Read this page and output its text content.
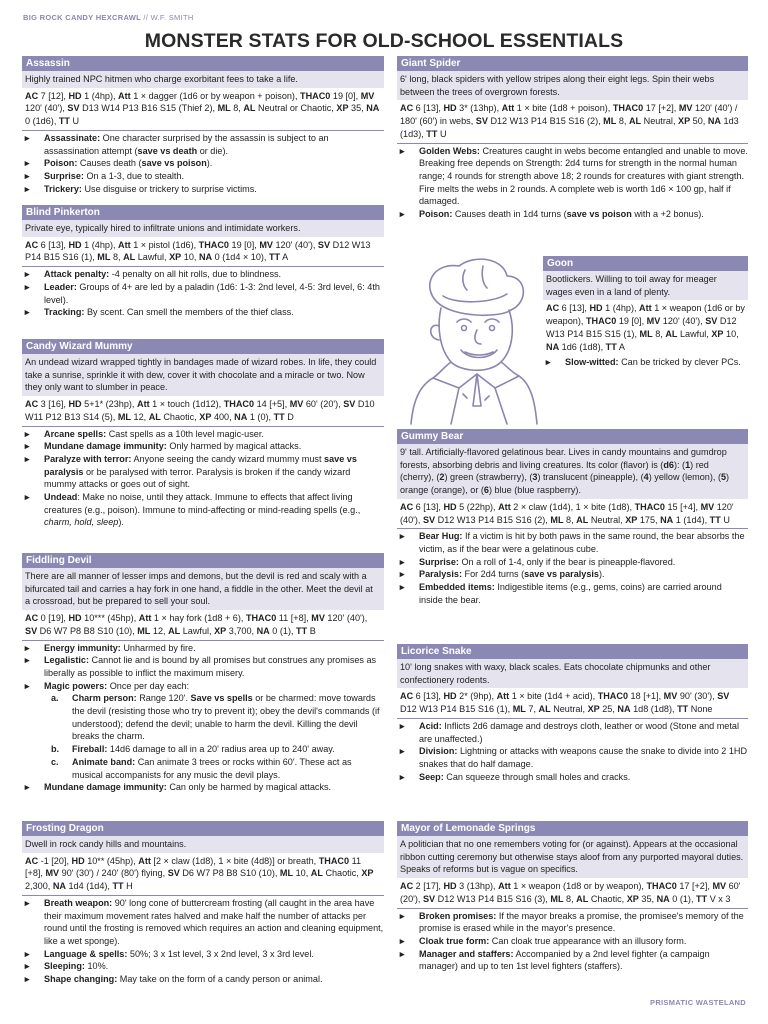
BIG ROCK CANDY HEXCRAWL // W.F. SMITH
MONSTER STATS FOR OLD-SCHOOL ESSENTIALS
Assassin
Highly trained NPC hitmen who charge exorbitant fees to take a life.
AC 7 [12], HD 1 (4hp), Att 1 × dagger (1d6 or by weapon + poison), THAC0 19 [0], MV 120' (40'), SV D13 W14 P13 B16 S15 (Thief 2), ML 8, AL Neutral or Chaotic, XP 35, NA 0 (1d6), TT U
► Assassinate: One character surprised by the assassin is subject to an assassination attempt (save vs death or die).
► Poison: Causes death (save vs poison).
► Surprise: On a 1-3, due to stealth.
► Trickery: Use disguise or trickery to surprise victims.
Blind Pinkerton
Private eye, typically hired to infiltrate unions and intimidate workers.
AC 6 [13], HD 1 (4hp), Att 1 × pistol (1d6), THAC0 19 [0], MV 120' (40'), SV D12 W13 P14 B15 S16 (1), ML 8, AL Lawful, XP 10, NA 0 (1d4 × 10), TT A
► Attack penalty: -4 penalty on all hit rolls, due to blindness.
► Leader: Groups of 4+ are led by a paladin (1d6: 1-3: 2nd level, 4-5: 3rd level, 6: 4th level).
► Tracking: By scent. Can smell the members of the thief class.
Candy Wizard Mummy
An undead wizard wrapped tightly in bandages made of wizard robes. In life, they could take a sunrise, sprinkle it with dew, cover it with chocolate and a miracle or two. Now they only want to slumber in peace.
AC 3 [16], HD 5+1* (23hp), Att 1 × touch (1d12), THAC0 14 [+5], MV 60' (20'), SV D10 W11 P12 B13 S14 (5), ML 12, AL Chaotic, XP 400, NA 1 (0), TT D
► Arcane spells: Cast spells as a 10th level magic-user.
► Mundane damage immunity: Only harmed by magical attacks.
► Paralyze with terror: Anyone seeing the candy wizard mummy must save vs paralysis or be paralysed with terror. Paralysis is broken if the candy wizard mummy attacks or goes out of sight.
► Undead: Make no noise, until they attack. Immune to effects that affect living creatures (e.g., poison). Immune to mind-affecting or mind-reading spells (e.g., charm, hold, sleep).
Fiddling Devil
There are all manner of lesser imps and demons, but the devil is red and scaly with a bifurcated tail and carries a hay fork in one hand, a fiddle in the other. Meet the devil at a crossroad, but be prepared to sell your soul.
AC 0 [19], HD 10*** (45hp), Att 1 × hay fork (1d8 + 6), THAC0 11 [+8], MV 120' (40'), SV D6 W7 P8 B8 S10 (10), ML 12, AL Lawful, XP 3,700, NA 0 (1), TT B
► Energy immunity: Unharmed by fire.
► Legalistic: Cannot lie and is bound by all promises but construes any promises as liberally as possible to inflict the maximum misery.
► Magic powers: Once per day each:
a. Charm person: Range 120'. Save vs spells or be charmed: move towards the devil (resisting those who try to prevent it); obey the devil's commands (if understood); defend the devil; unable to harm the devil. Killing the devil breaks the charm.
b. Fireball: 14d6 damage to all in a 20' radius area up to 240' away.
c. Animate band: Can animate 3 trees or rocks within 60'. These act as musical accompanists for any music the devil plays.
► Mundane damage immunity: Can only be harmed by magical attacks.
Frosting Dragon
Dwell in rock candy hills and mountains.
AC -1 [20], HD 10** (45hp), Att [2 × claw (1d8), 1 × bite (4d8)] or breath, THAC0 11 [+8], MV 90' (30') / 240' (80') flying, SV D6 W7 P8 B8 S10 (10), ML 10, AL Chaotic, XP 2,300, NA 1d4 (1d4), TT H
► Breath weapon: 90' long cone of buttercream frosting (all caught in the area have their maximum movement rates halved and make half the number of attacks per round until the frosting is removed which requires an action and cleaning equipment, like a wet sponge).
► Language & spells: 50%; 3 x 1st level, 3 x 2nd level, 3 x 3rd level.
► Sleeping: 10%.
► Shape changing: May take on the form of a candy person or animal.
Giant Spider
6' long, black spiders with yellow stripes along their eight legs. Spin their webs between the trees of overgrown forests.
AC 6 [13], HD 3* (13hp), Att 1 × bite (1d8 + poison), THAC0 17 [+2], MV 120' (40') / 180' (60') in webs, SV D12 W13 P14 B15 S16 (2), ML 8, AL Neutral, XP 50, NA 1d3 (1d3), TT U
► Golden Webs: Creatures caught in webs become entangled and unable to move. Breaking free depends on Strength: 2d4 turns for strength in the normal human range; 4 rounds for strength above 18; 2 rounds for creatures with giant strength. Fire melts the webs in 2 rounds. A complete web is worth 1d6 × 100 gp, half if damaged.
► Poison: Causes death in 1d4 turns (save vs poison with a +2 bonus).
Goon
Bootlickers. Willing to toil away for meager wages even in a land of plenty.
AC 6 [13], HD 1 (4hp), Att 1 × weapon (1d6 or by weapon), THAC0 19 [0], MV 120' (40'), SV D12 W13 P14 B15 S15 (1), ML 8, AL Lawful, XP 10, NA 1d6 (1d8), TT A
► Slow-witted: Can be tricked by clever PCs.
Gummy Bear
9' tall. Artificially-flavored gelatinous bear. Lives in candy mountains and gumdrop forests, absorbing debris and living creatures. Its color (flavor) is (d6): (1) red (cherry), (2) green (strawberry), (3) translucent (pineapple), (4) yellow (lemon), (5) orange (orange), or (6) blue (blue raspberry).
AC 6 [13], HD 5 (22hp), Att 2 × claw (1d4), 1 × bite (1d8), THAC0 15 [+4], MV 120' (40'), SV D12 W13 P14 B15 S16 (2), ML 8, AL Neutral, XP 175, NA 1 (1d4), TT U
► Bear Hug: If a victim is hit by both paws in the same round, the bear absorbs the victim, as if the bear were a gelatinous cube.
► Surprise: On a roll of 1-4, only if the bear is pineapple-flavored.
► Paralysis: For 2d4 turns (save vs paralysis).
► Embedded items: Indigestible items (e.g., gems, coins) are carried around inside the bear.
Licorice Snake
10' long snakes with waxy, black scales. Eats chocolate chipmunks and other confectionery rodents.
AC 6 [13], HD 2* (9hp), Att 1 × bite (1d4 + acid), THAC0 18 [+1], MV 90' (30'), SV D12 W13 P14 B15 S16 (1), ML 7, AL Neutral, XP 25, NA 1d8 (1d8), TT None
► Acid: Inflicts 2d6 damage and destroys cloth, leather or wood (Stone and metal are unaffected.)
► Division: Lightning or attacks with weapons cause the snake to divide into 2 1HD snakes that do half damage.
► Seep: Can squeeze through small holes and cracks.
Mayor of Lemonade Springs
A politician that no one remembers voting for (or against). Appears at the occasional ribbon cutting ceremony but otherwise stays aloof from any purported mayoral duties. Speaks of reforms but is vague on specifics.
AC 2 [17], HD 3 (13hp), Att 1 × weapon (1d8 or by weapon), THAC0 17 [+2], MV 60' (20'), SV D12 W13 P14 B15 S16 (3), ML 8, AL Chaotic, XP 35, NA 0 (1), TT V x 3
► Broken promises: If the mayor breaks a promise, the promisee's memory of the promise is erased while in the mayor's presence.
► Cloak true form: Can cloak true appearance with an illusory form.
► Manager and staffers: Accompanied by a 2nd level fighter (a campaign manager) and up to ten 1st level fighters (staffers).
PRISMATIC WASTELAND
